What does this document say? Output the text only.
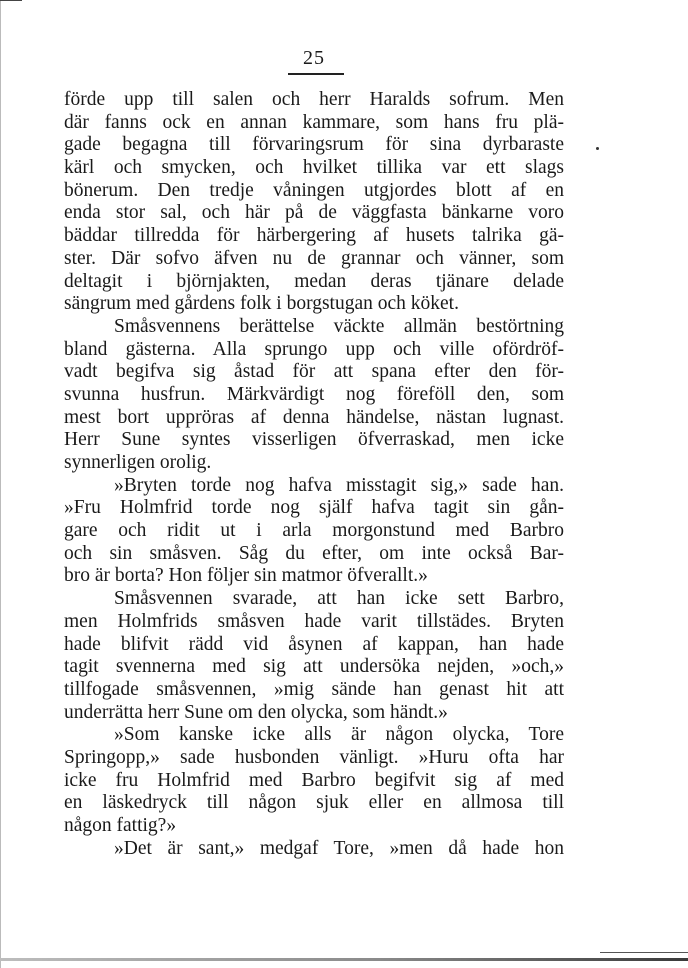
25
förde upp till salen och herr Haralds sofrum. Men
där fanns ock en annan kammare, som hans fru plä-
gade begagna till förvaringsrum för sina dyrbaraste
kärl och smycken, och hvilket tillika var ett slags
bönerum. Den tredje våningen utgjordes blott af en
enda stor sal, och här på de väggfasta bänkarne voro
bäddar tillredda för härbergering af husets talrika gä-
ster. Där sofvo äfven nu de grannar och vänner, som
deltagit i björnjakten, medan deras tjänare delade
sängrum med gårdens folk i borgstugan och köket.
Småsvennens berättelse väckte allmän bestörtning
bland gästerna. Alla sprungo upp och ville ofördröf-
vadt begifva sig åstad för att spana efter den för-
svunna husfrun. Märkvärdigt nog föreföll den, som
mest bort uppröras af denna händelse, nästan lugnast.
Herr Sune syntes visserligen öfverraskad, men icke
synnerligen orolig.
»Bryten torde nog hafva misstagit sig,» sade han.
»Fru Holmfrid torde nog själf hafva tagit sin gån-
gare och ridit ut i arla morgonstund med Barbro
och sin småsven. Såg du efter, om inte också Bar-
bro är borta? Hon följer sin matmor öfverallt.»
Småsvennen svarade, att han icke sett Barbro,
men Holmfrids småsven hade varit tillstädes. Bryten
hade blifvit rädd vid åsynen af kappan, han hade
tagit svennerna med sig att undersöka nejden, »och,»
tillfogade småsvennen, »mig sände han genast hit att
underrätta herr Sune om den olycka, som händt.»
»Som kanske icke alls är någon olycka, Tore
Springopp,» sade husbonden vänligt. »Huru ofta har
icke fru Holmfrid med Barbro begifvit sig af med
en läskedryck till någon sjuk eller en allmosa till
någon fattig?»
»Det är sant,» medgaf Tore, »men då hade hon
